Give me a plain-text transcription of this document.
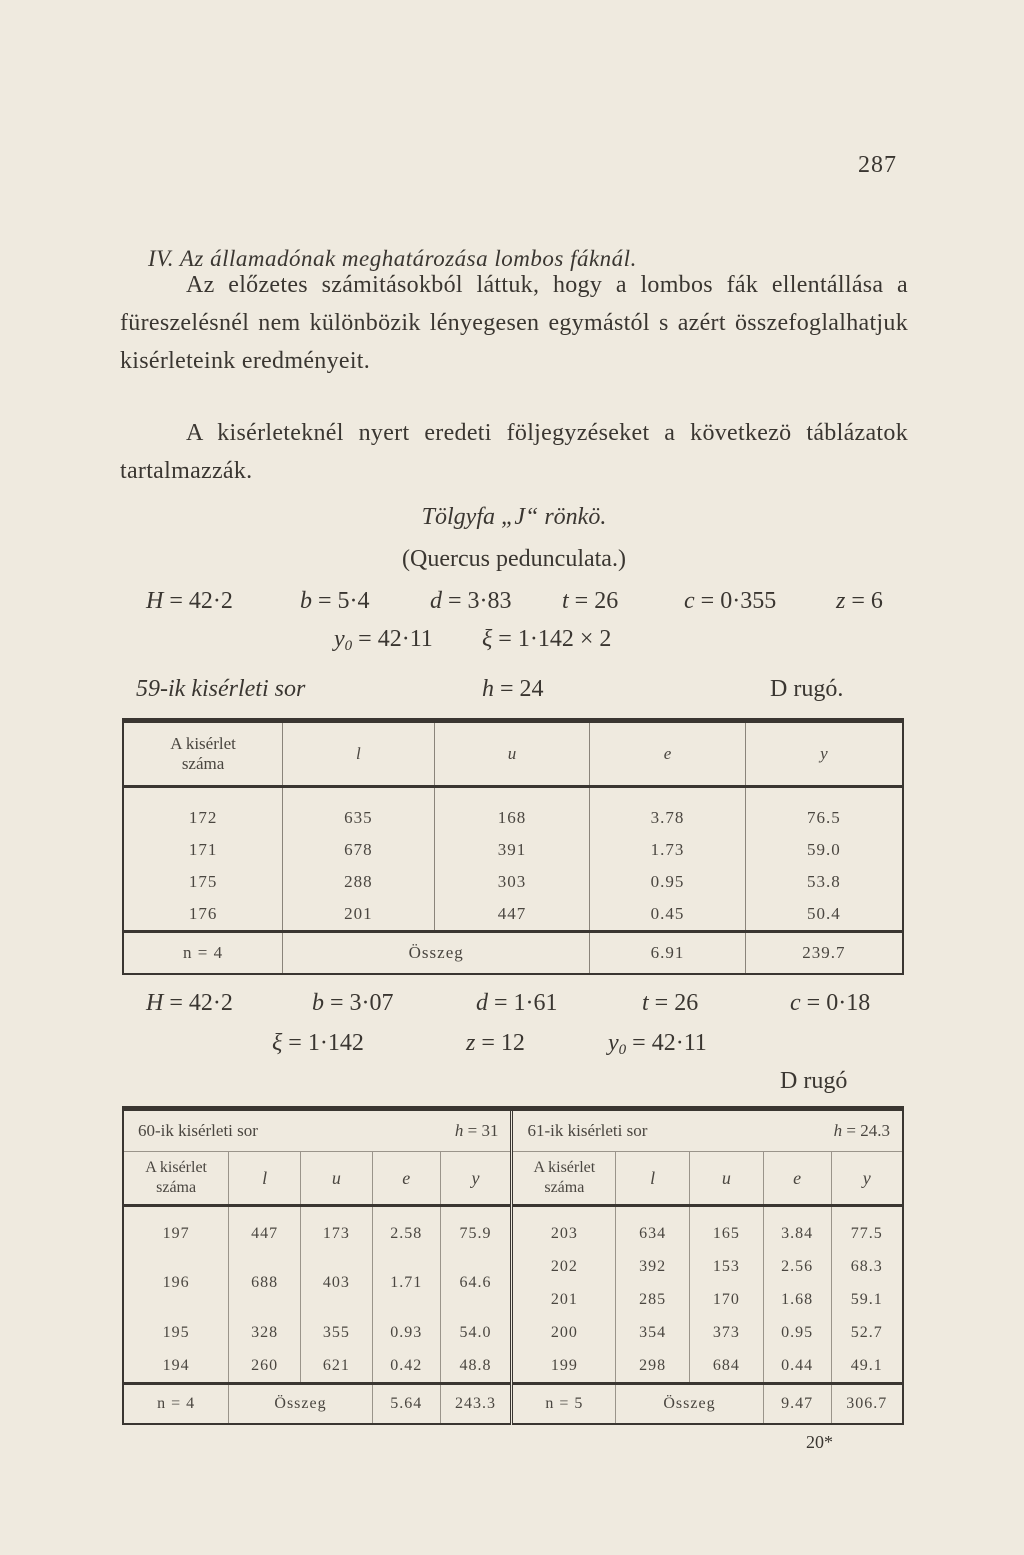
287
IV. Az államadónak meghatározása lombos fáknál.

Az előzetes számitásokból láttuk, hogy a lombos fák ellentállása a füreszelésnél nem különbözik lényegesen egymástól s azért összefoglalhatjuk kisérleteink eredményeit.

A kisérleteknél nyert eredeti följegyzéseket a következö táblázatok tartalmazzák.

Tölgyfa „J“ rönkö.
(Quercus pedunculata.)
H = 42·2	b = 5·4	d = 3·83 t = 26	c = 0·355 z = 6
$y_0 = 42\cdot 11$ ξ = 1·142 × 2
59-ik kisérleti sor	h = 24	D rugó.
A kisérlet
száma	l	u	e	y
172	635	168	3.78	76.5
171	678	391	1.73	59.0
175	288	303	0.95	53.8
176	201	447	0.45	50.4
n = 4	Összeg		6.91	239.7
H = 42·2	b = 3·07	d = 1·61	t = 26	c = 0·18
ξ = 1·142	z = 12	$y_0 = 42\cdot 11$
D rugó
60-ik kisérleti sor			h = 31		61-ik kisérleti sor			h = 24.3	
A kisérlet
száma	l	u	e	y	A kisérlet
száma	l	u	e	y
197	447	173	2.58	75.9	203	634	165	3.84	77.5
196	688	403	1.71	64.6	202	392	153	2.56	68.3
					201	285	170	1.68	59.1
195	328	355	0.93	54.0	200	354	373	0.95	52.7
194	260	621	0.42	48.8	199	298	684	0.44	49.1
n = 4	Összeg		5.64	243.3	n = 5	Összeg		9.47	306.7
20*
